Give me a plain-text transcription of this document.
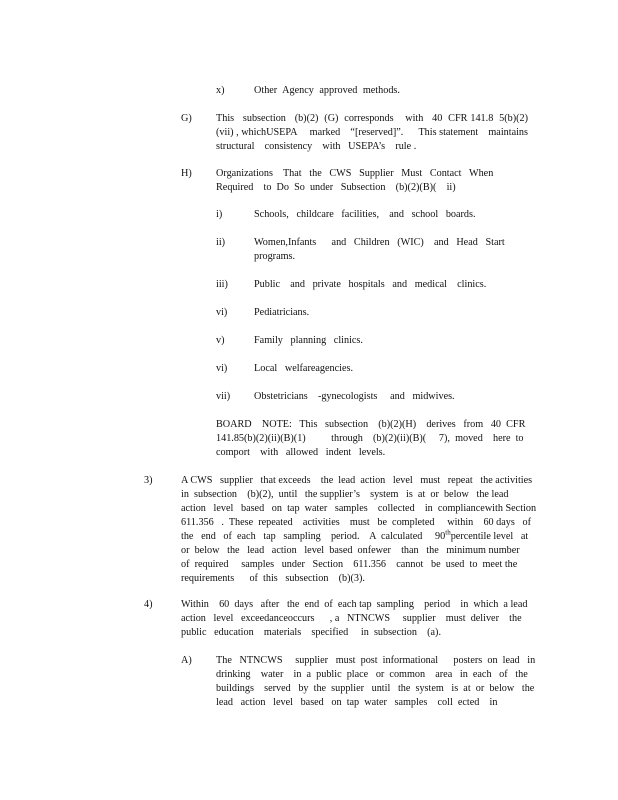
x)	Other Agency approved methods.

G) This   subsection   (b)(2)  (G)  corresponds    with   40  CFR 141.8  5(b)(2)  (vii) , whichUSEPA     marked    “[reserved]”.      This statement    maintains    structural    consistency    with   USEPA’s    rule .

H) Organizations    That   the   CWS   Supplier   Must   Contact   When Required    to  Do  So  under   Subsection    (b)(2)(B)(    ii)

i)	Schools,   childcare   facilities,    and   school   boards.

ii)	Women,Infants      and   Children   (WIC)    and   Head   Start programs.

iii)	Public    and   private   hospitals   and   medical    clinics.

vi)	Pediatricians.

v)	Family   planning   clinics.

vi)	Local   welfareagencies.

vii) Obstetricians    -gynecologists     and   midwives.

BOARD    NOTE:   This   subsection    (b)(2)(H)    derives   from   40  CFR 141.85(b)(2)(ii)(B)(1)          through    (b)(2)(ii)(B)(     7),  moved    here  to comport    with   allowed   indent   levels.

3)	A CWS   supplier   that exceeds    the  lead  action   level   must   repeat   the activities    in  subsection    (b)(2),  until   the supplier’s    system   is  at  or  below   the lead   action   level   based   on  tap  water   samples    collected    in  compliancewith Section    611.356   .  These  repeated    activities    must   be  completed     within    60 days   of  the   end   of  each   tap   sampling    period.    A  calculated     90thpercentile level   at  or  below   the   lead   action   level  based  onfewer    than   the   minimum number    of  required     samples   under   Section    611.356    cannot   be  used  to  meet the  requirements      of  this   subsection    (b)(3).

4)	Within    60  days   after   the  end  of  each tap  sampling    period    in  which  a lead action   level   exceedanceoccurs      , a   NTNCWS     supplier    must  deliver    the public   education    materials    specified     in  subsection    (a).

A) The   NTNCWS     supplier   must  post  informational      posters  on  lead   in drinking    water    in  a  public  place   or  common    area   in  each   of   the buildings    served   by  the  supplier   until   the  system   is  at  or  below   the lead   action   level   based   on  tap  water   samples    coll  ected    in
